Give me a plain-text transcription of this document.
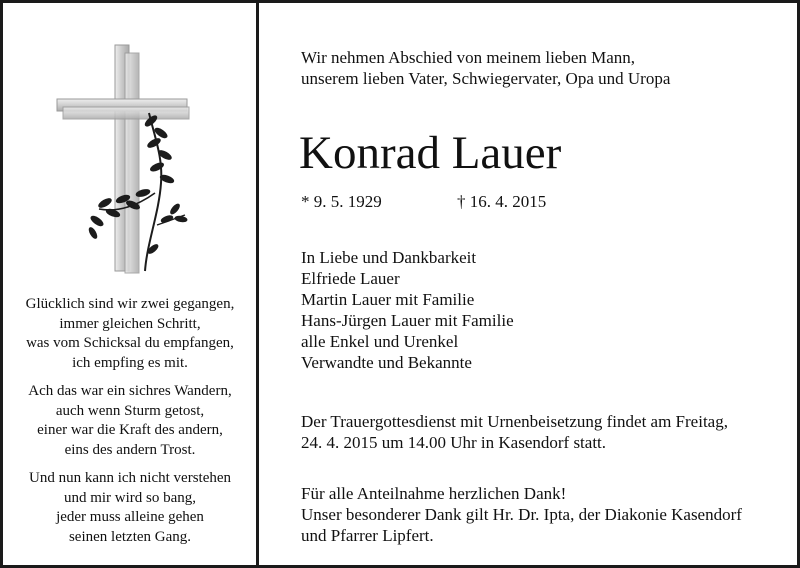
Glücklich sind wir zwei gegangen,
immer gleichen Schritt,
was vom Schicksal du empfangen,
ich empfing es mit.
Ach das war ein sichres Wandern,
auch wenn Sturm getost,
einer war die Kraft des andern,
eins des andern Trost.
Und nun kann ich nicht verstehen
und mir wird so bang,
jeder muss alleine gehen
seinen letzten Gang.
Wir nehmen Abschied von meinem lieben Mann,
unserem lieben Vater, Schwiegervater, Opa und Uropa
Konrad Lauer
* 9. 5. 1929	† 16. 4. 2015
In Liebe und Dankbarkeit
Elfriede Lauer
Martin Lauer mit Familie
Hans-Jürgen Lauer mit Familie
alle Enkel und Urenkel
Verwandte und Bekannte
Der Trauergottesdienst mit Urnenbeisetzung findet am Freitag,
24. 4. 2015 um 14.00 Uhr in Kasendorf statt.
Für alle Anteilnahme herzlichen Dank!
Unser besonderer Dank gilt Hr. Dr. Ipta, der Diakonie Kasendorf
und Pfarrer Lipfert.
